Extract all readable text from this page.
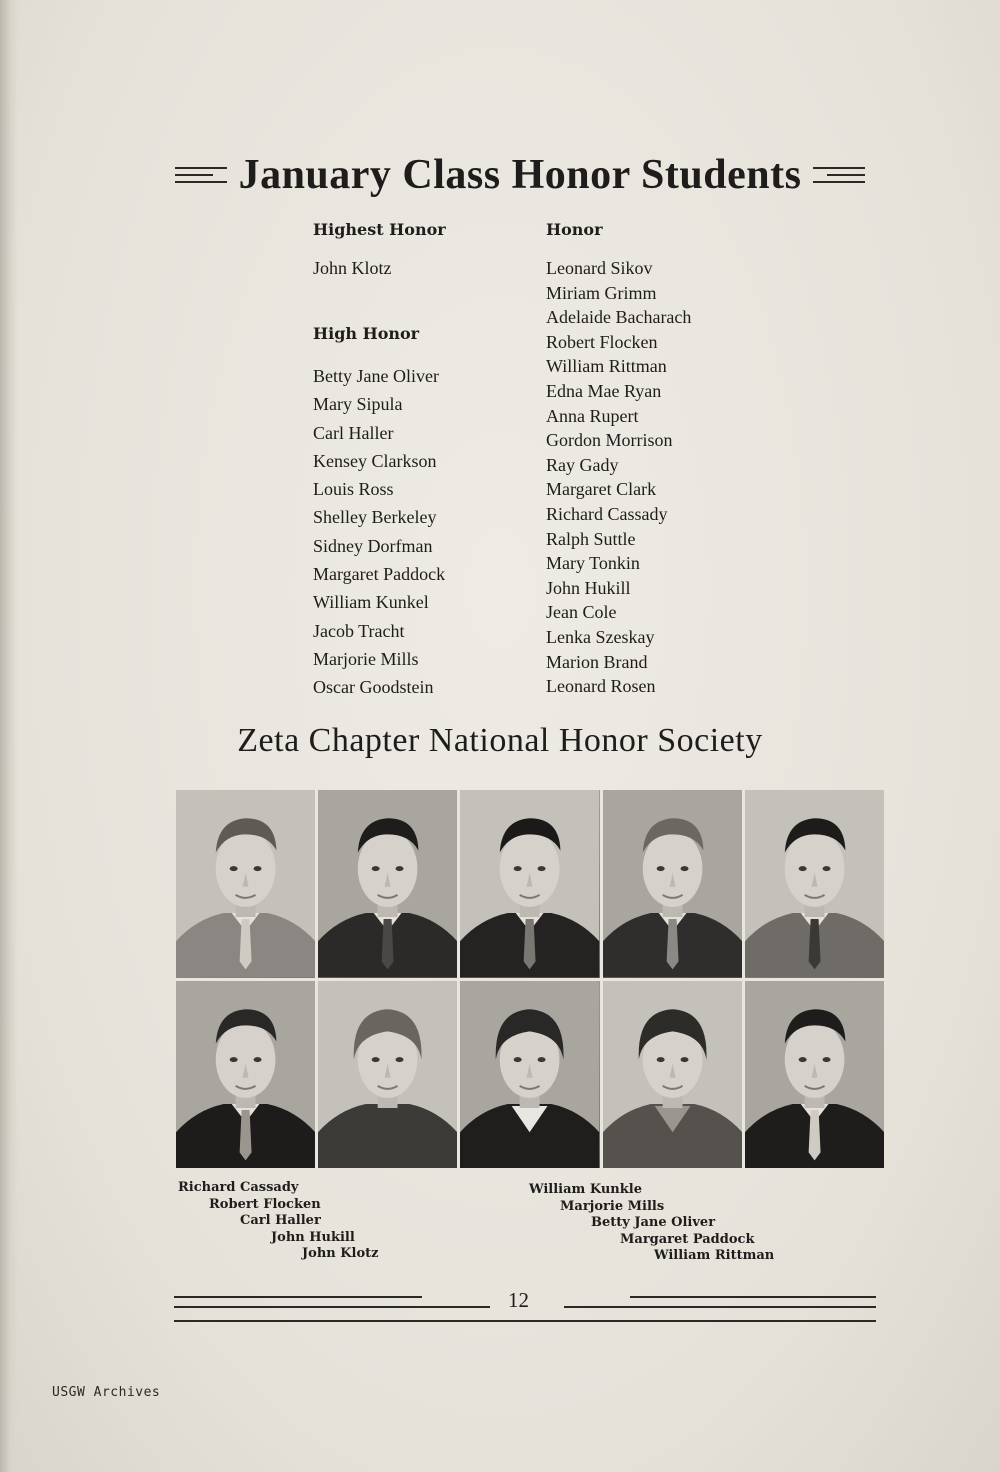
January Class Honor Students
Highest Honor
John Klotz
High Honor
Betty Jane Oliver
Mary Sipula
Carl Haller
Kensey Clarkson
Louis Ross
Shelley Berkeley
Sidney Dorfman
Margaret Paddock
William Kunkel
Jacob Tracht
Marjorie Mills
Oscar Goodstein
Honor
Leonard Sikov
Miriam Grimm
Adelaide Bacharach
Robert Flocken
William Rittman
Edna Mae Ryan
Anna Rupert
Gordon Morrison
Ray Gady
Margaret Clark
Richard Cassady
Ralph Suttle
Mary Tonkin
John Hukill
Jean Cole
Lenka Szeskay
Marion Brand
Leonard Rosen
Zeta Chapter National Honor Society
Richard Cassady
Robert Flocken
Carl Haller
John Hukill
John Klotz
William Kunkle
Marjorie Mills
Betty Jane Oliver
Margaret Paddock
William Rittman
12
USGW Archives
